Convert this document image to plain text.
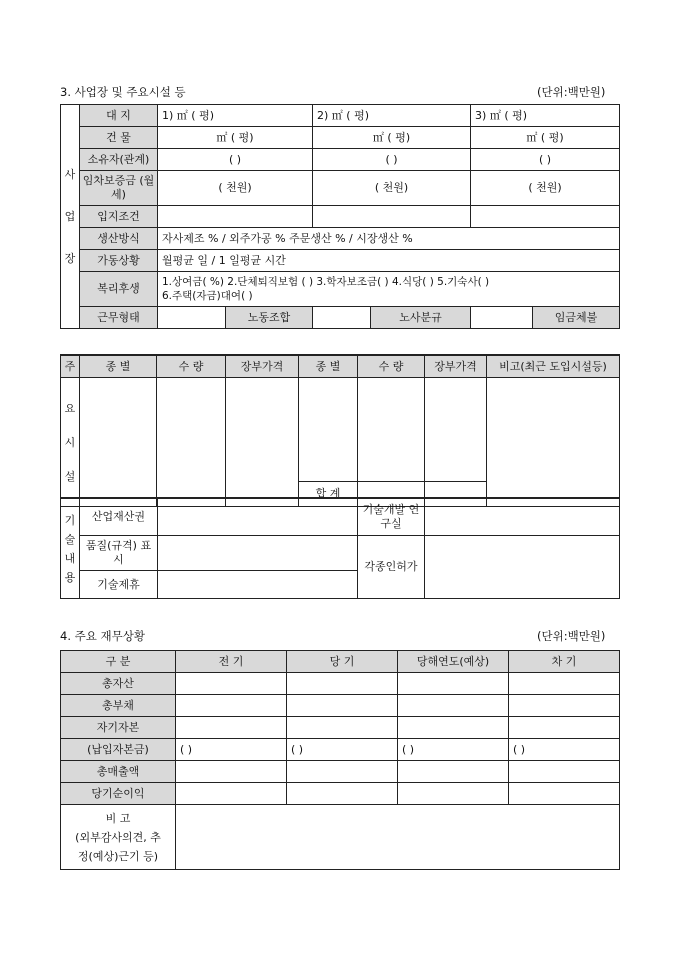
3. 사업장 및 주요시설 등	(단위:백만원)
사

업

장	대 지	1) ㎡ ( 평)		2) ㎡ ( 평)		3) ㎡ ( 평)		
	건 물	㎡ ( 평)		㎡ ( 평)		㎡ ( 평)		
	소유자(관계)	( )		( )		( )		
	임차보증금 (월세)	( 천원)		( 천원)		( 천원)		
	입지조건							
	생산방식	자사제조 % / 외주가공 % 주문생산 % / 시장생산 %						
	가동상황	월평균 일 / 1 일평균 시간						
	복리후생	1.상여금( %) 2.단체퇴직보험 ( ) 3.학자보조금( ) 4.식당( ) 5.기숙사( )
6.주택(자금)대여( )						
	근무형태		노동조합		노사분규		임금체불	
주	종 별	수 량	장부가격	종 별	수 량	장부가격	비고(최근 도입시설등)

요
시
설							

				합 계			
기
술
내
용	산업재산권		기술개발 연구실	
	품질(규격) 표시		각종인허가	
	기술제휴			
4. 주요 재무상황	(단위:백만원)
구 분	전 기	당 기	당해연도(예상)	차 기
총자산				
총부채				
자기자본				
(납입자본금)	( )	( )	( )	( )
총매출액				
당기순이익				
비 고
(외부감사의견, 추
정(예상)근기 등)				
